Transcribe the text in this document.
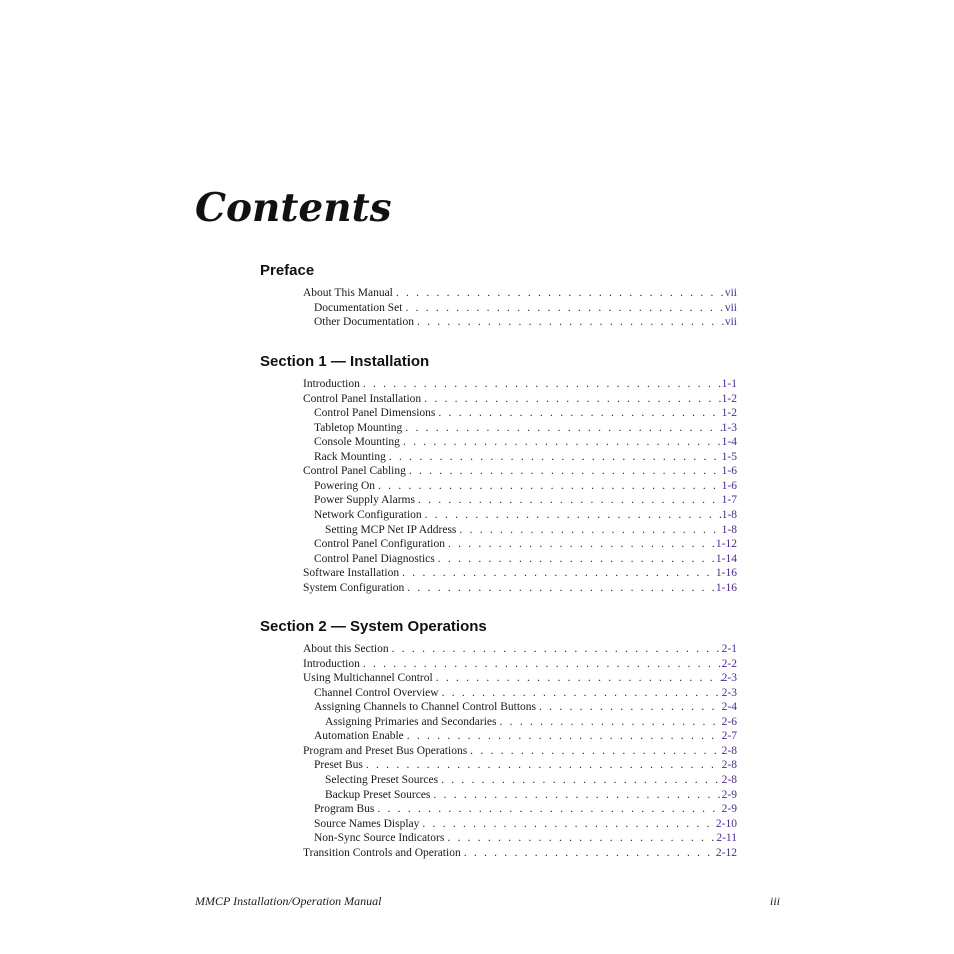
Contents
Preface
About This Manual . . .	vii
Documentation Set . . .	vii
Other Documentation . . .	vii
Section 1 — Installation
Introduction . . .	1-1
Control Panel Installation . . .	1-2
Control Panel Dimensions . . .	1-2
Tabletop Mounting . . .	1-3
Console Mounting . . .	1-4
Rack Mounting . . .	1-5
Control Panel Cabling . . .	1-6
Powering On . . .	1-6
Power Supply Alarms . . .	1-7
Network Configuration . . .	1-8
Setting MCP Net IP Address . . .	1-8
Control Panel Configuration . . .	1-12
Control Panel Diagnostics . . .	1-14
Software Installation . . .	1-16
System Configuration . . .	1-16
Section 2 — System Operations
About this Section . . .	2-1
Introduction . . .	2-2
Using Multichannel Control . . .	2-3
Channel Control Overview . . .	2-3
Assigning Channels to Channel Control Buttons . . .	2-4
Assigning Primaries and Secondaries . . .	2-6
Automation Enable . . .	2-7
Program and Preset Bus Operations . . .	2-8
Preset Bus . . .	2-8
Selecting Preset Sources . . .	2-8
Backup Preset Sources . . .	2-9
Program Bus . . .	2-9
Source Names Display . . .	2-10
Non-Sync Source Indicators . . .	2-11
Transition Controls and Operation . . .	2-12
MMCP Installation/Operation Manual	iii
